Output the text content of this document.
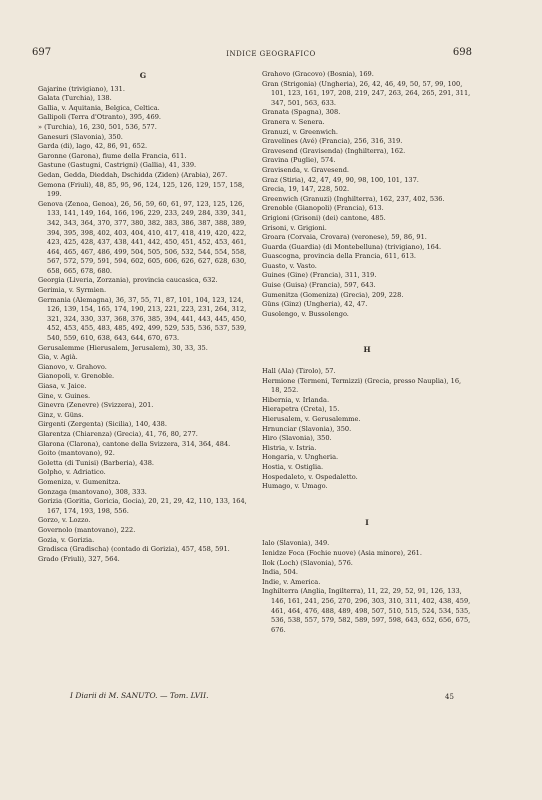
697	INDICE GEOGRAFICO	698
G
Gajarine (trivigiano), 131.
Galata (Turchia), 138.
Gallia, v. Aquitania, Belgica, Celtica.
Gallipoli (Terra d'Otranto), 395, 469.
» (Turchia), 16, 230, 501, 536, 577.
Ganesuri (Slavonia), 350.
Garda (di), lago, 42, 86, 91, 652.
Garonne (Garona), fiume della Francia, 611.
Gastune (Gastugni, Castrigni) (Gallia), 41, 339.
Gedan, Gedda, Dieddah, Dschidda (Ziden) (Arabia), 267.
Gemona (Friuli), 48, 85, 95, 96, 124, 125, 126, 129, 157, 158, 199.
Genova (Zenoa, Genoa), 26, 56, 59, 60, 61, 97, 123, 125, 126, 133, 141, 149, 164, 166, 196, 229, 233, 249, 284, 339, 341, 342, 343, 364, 370, 377, 380, 382, 383, 386, 387, 388, 389, 394, 395, 398, 402, 403, 404, 410, 417, 418, 419, 420, 422, 423, 425, 428, 437, 438, 441, 442, 450, 451, 452, 453, 461, 464, 465, 467, 486, 499, 504, 505, 506, 532, 544, 554, 558, 567, 572, 579, 591, 594, 602, 605, 606, 626, 627, 628, 630, 658, 665, 678, 680.
Georgia (Liveria, Zorzania), provincia caucasica, 632.
Gerimia, v. Syrmien.
Germania (Alemagna), 36, 37, 55, 71, 87, 101, 104, 123, 124, 126, 139, 154, 165, 174, 190, 213, 221, 223, 231, 264, 312, 321, 324, 330, 337, 368, 376, 385, 394, 441, 443, 445, 450, 452, 453, 455, 483, 485, 492, 499, 529, 535, 536, 537, 539, 540, 559, 610, 638, 643, 644, 670, 673.
Gerusalemme (Hierusalem, Jerusalem), 30, 33, 35.
Gia, v. Agià.
Gianovo, v. Grahovo.
Gianopoli, v. Grenoble.
Giasa, v. Jaice.
Gine, v. Guines.
Ginevra (Zenevre) (Svizzera), 201.
Ginz, v. Güns.
Girgenti (Zergenta) (Sicilia), 140, 438.
Glarentza (Chiarenza) (Grecia), 41, 76, 80, 277.
Glarona (Clarona), cantone della Svizzera, 314, 364, 484.
Goito (mantovano), 92.
Goletta (di Tunisi) (Barberia), 438.
Golpho, v. Adriatico.
Gomeniza, v. Gumenitza.
Gonzaga (mantovano), 308, 333.
Gorizia (Goritia, Goricia, Gocia), 20, 21, 29, 42, 110, 133, 164, 167, 174, 193, 198, 556.
Gorzo, v. Lozzo.
Governolo (mantovano), 222.
Gozia, v. Gorizia.
Gradisca (Gradischa) (contado di Gorizia), 457, 458, 591.
Grado (Friuli), 327, 564.
Grahovo (Gracovo) (Bosnia), 169.
Gran (Strigonia) (Ungheria), 26, 42, 46, 49, 50, 57, 99, 100, 101, 123, 161, 197, 208, 219, 247, 263, 264, 265, 291, 311, 347, 501, 563, 633.
Granata (Spagna), 308.
Granera v. Senera.
Granuzi, v. Greenwich.
Gravelines (Avé) (Francia), 256, 316, 319.
Gravesend (Gravisenda) (Inghilterra), 162.
Gravina (Puglie), 574.
Gravisenda, v. Gravesend.
Graz (Stiria), 42, 47, 49, 90, 98, 100, 101, 137.
Grecia, 19, 147, 228, 502.
Greenwich (Granuzi) (Inghilterra), 162, 237, 402, 536.
Grenoble (Gianopoli) (Francia), 613.
Grigioni (Grisoni) (dei) cantone, 485.
Grisoni, v. Grigioni.
Groara (Corvaia, Crovara) (veronese), 59, 86, 91.
Guarda (Guardia) (di Montebelluna) (trivigiano), 164.
Guascogna, provincia della Francia, 611, 613.
Guasto, v. Vasto.
Guines (Gine) (Francia), 311, 319.
Guise (Guisa) (Francia), 597, 643.
Gumenitza (Gomeniza) (Grecia), 209, 228.
Güns (Ginz) (Ungheria), 42, 47.
Gusolengo, v. Bussolengo.
H
Hall (Ala) (Tirolo), 57.
Hermione (Termeni, Termizzi) (Grecia, presso Nauplia), 16, 18, 252.
Hibernia, v. Irlanda.
Hierapetra (Creta), 15.
Hierusalem, v. Gerusalemme.
Hrnunciar (Slavonia), 350.
Hiro (Slavonia), 350.
Histria, v. Istria.
Hongaria, v. Ungheria.
Hostia, v. Ostiglia.
Hospedaleto, v. Ospedaletto.
Humago, v. Umago.
I
Ialo (Slavonia), 349.
Ienidze Foca (Fochie nuove) (Asia minore), 261.
Ilok (Loch) (Slavonia), 576.
India, 504.
Indie, v. America.
Inghilterra (Anglia, Ingilterra), 11, 22, 29, 52, 91, 126, 133, 146, 161, 241, 256, 270, 296, 303, 310, 311, 402, 438, 459, 461, 464, 476, 488, 489, 498, 507, 510, 515, 524, 534, 535, 536, 538, 557, 579, 582, 589, 597, 598, 643, 652, 656, 675, 676.
I Diarii di M. SANUTO. — Tom. LVII.	45
